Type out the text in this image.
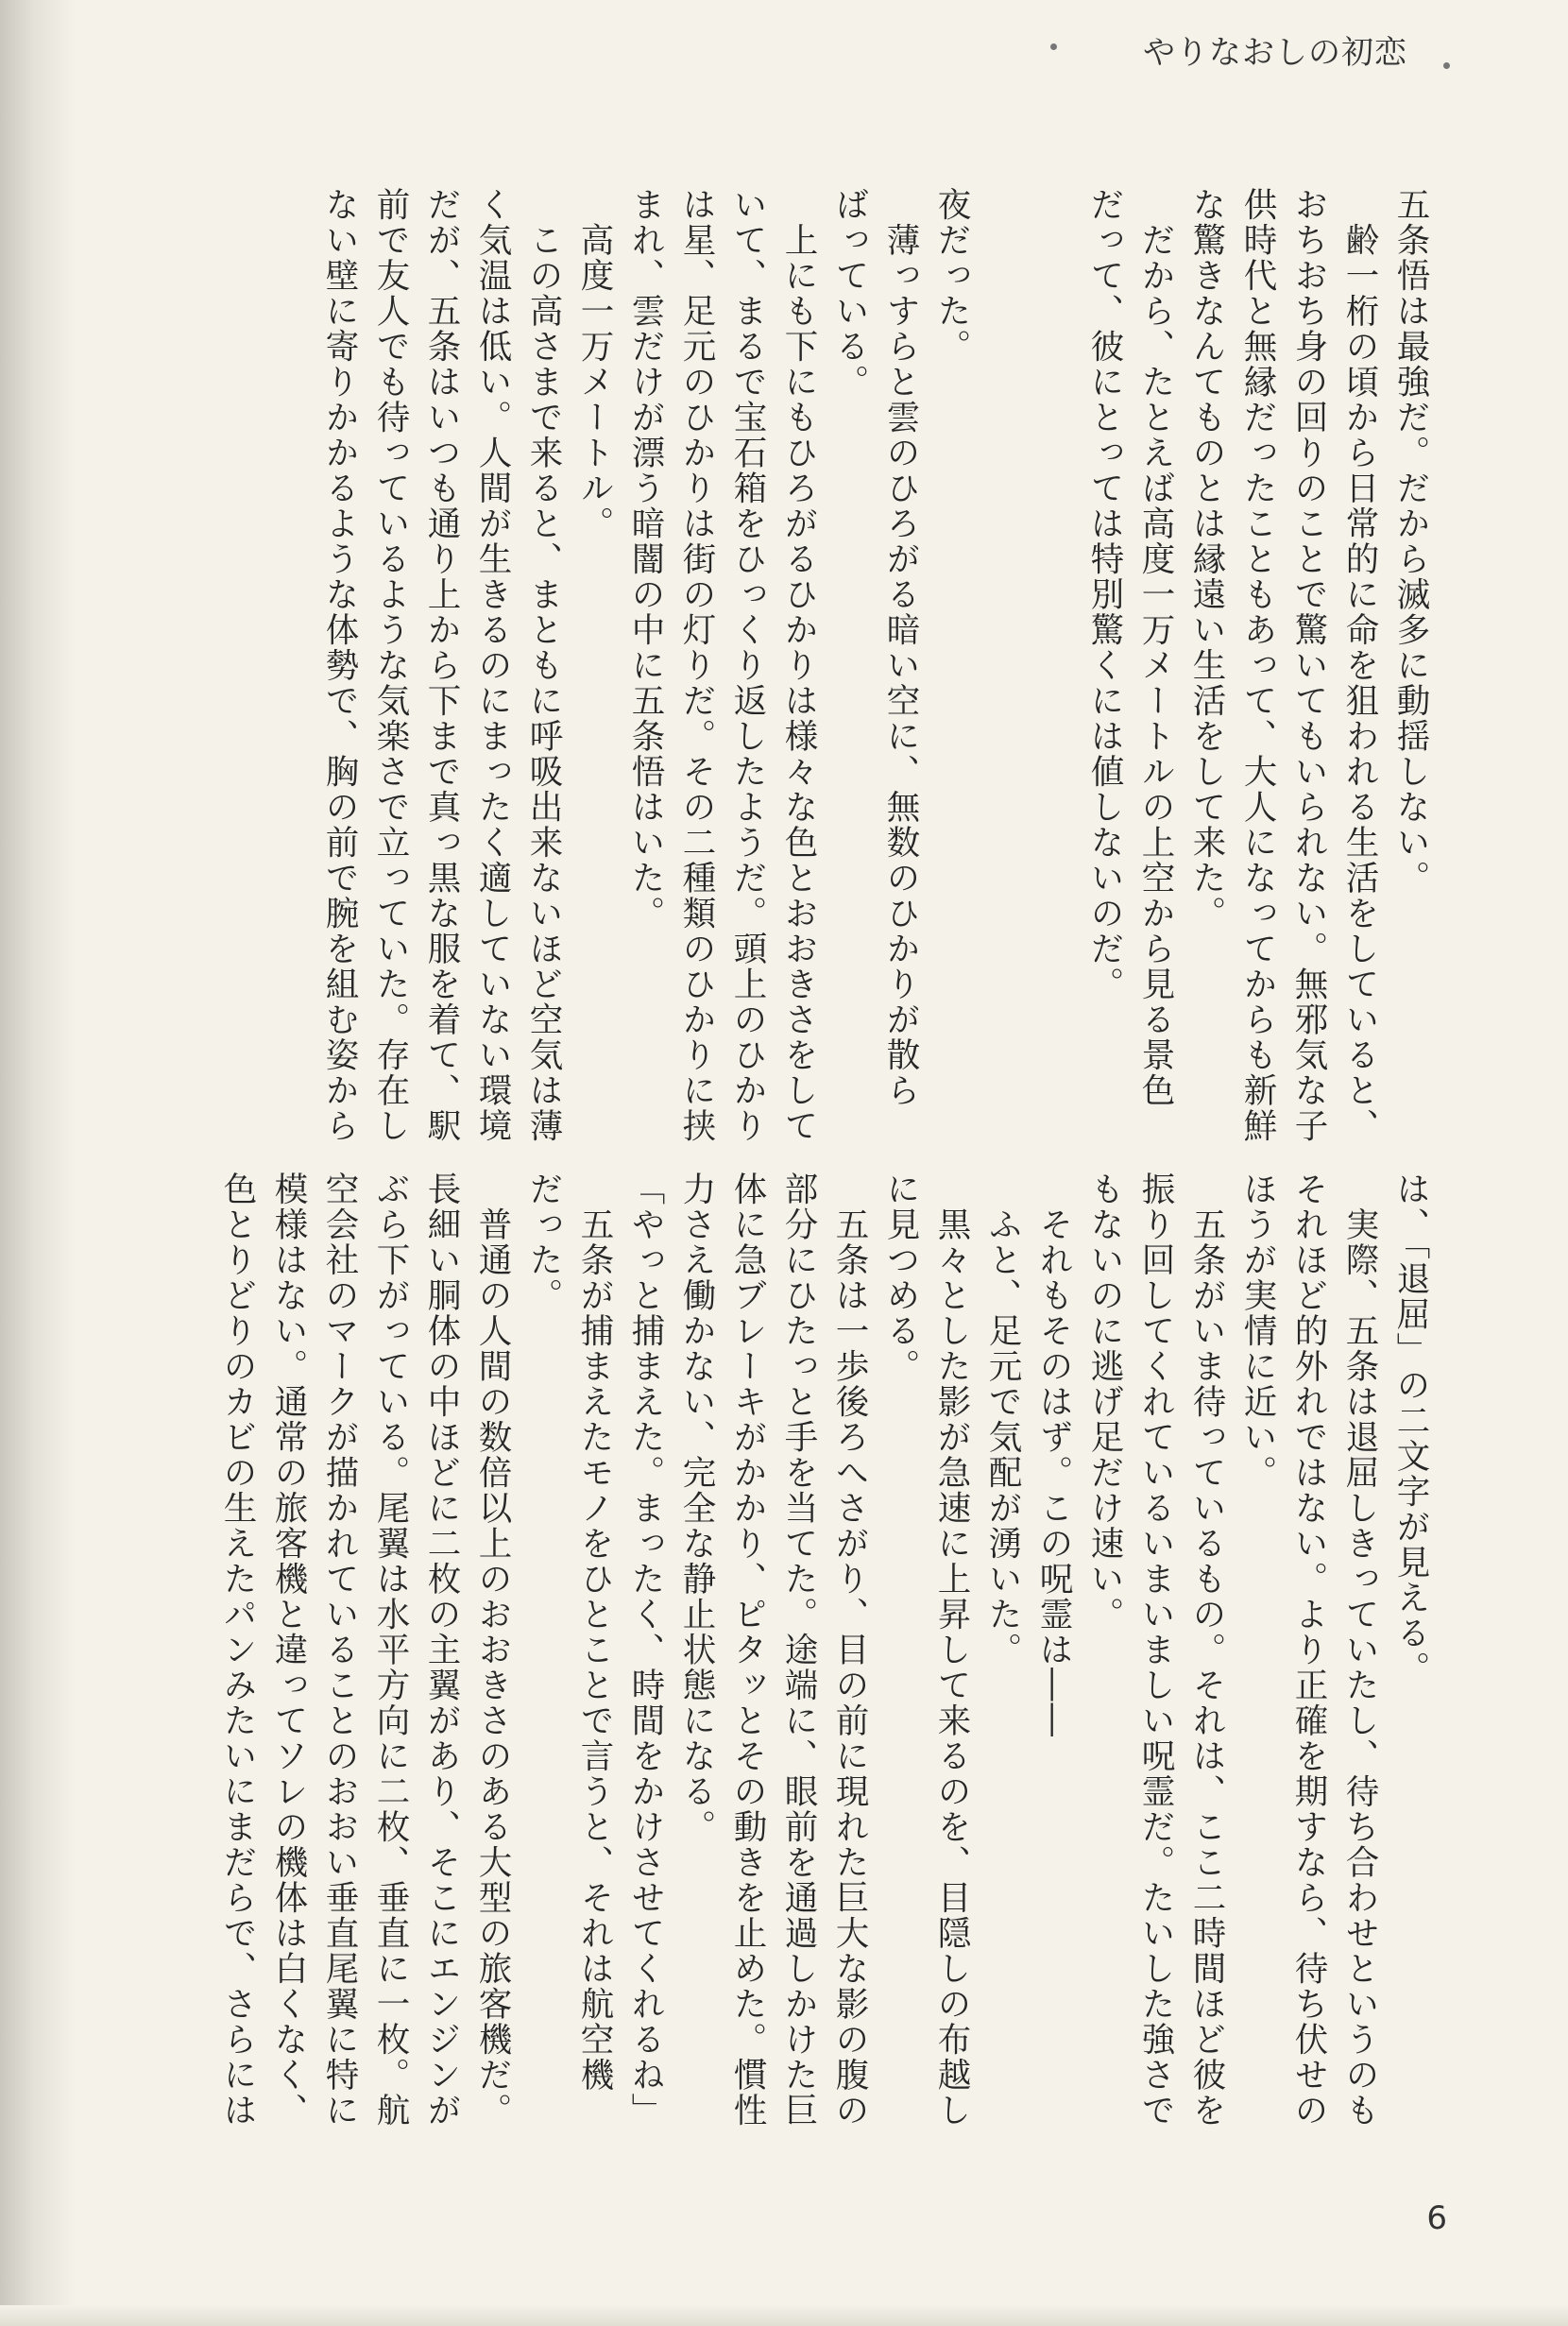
やりなおしの初恋
五条悟は最強だ。だから滅多に動揺しない。
　齢一桁の頃から日常的に命を狙われる生活をしていると、
おちおち身の回りのことで驚いてもいられない。無邪気な子
供時代と無縁だったこともあって、大人になってからも新鮮
な驚きなんてものとは縁遠い生活をして来た。
　だから、たとえば高度一万メートルの上空から見る景色
だって、彼にとっては特別驚くには値しないのだ。

夜だった。
　薄っすらと雲のひろがる暗い空に、無数のひかりが散ら
ばっている。
　上にも下にもひろがるひかりは様々な色とおおきさをして
いて、まるで宝石箱をひっくり返したようだ。頭上のひかり
は星、足元のひかりは街の灯りだ。その二種類のひかりに挟
まれ、雲だけが漂う暗闇の中に五条悟はいた。
　高度一万メートル。
　この高さまで来ると、まともに呼吸出来ないほど空気は薄
く気温は低い。人間が生きるのにまったく適していない環境
だが、五条はいつも通り上から下まで真っ黒な服を着て、駅
前で友人でも待っているような気楽さで立っていた。存在し
ない壁に寄りかかるような体勢で、胸の前で腕を組む姿から
は、「退屈」の二文字が見える。
　実際、五条は退屈しきっていたし、待ち合わせというのも
それほど的外れではない。より正確を期すなら、待ち伏せの
ほうが実情に近い。
　五条がいま待っているもの。それは、ここ二時間ほど彼を
振り回してくれているいまいましい呪霊だ。たいした強さで
もないのに逃げ足だけ速い。
　それもそのはず。この呪霊は――
　ふと、足元で気配が湧いた。
　黒々とした影が急速に上昇して来るのを、目隠しの布越し
に見つめる。
　五条は一歩後ろへさがり、目の前に現れた巨大な影の腹の
部分にひたっと手を当てた。途端に、眼前を通過しかけた巨
体に急ブレーキがかかり、ピタッとその動きを止めた。慣性
力さえ働かない、完全な静止状態になる。
「やっと捕まえた。まったく、時間をかけさせてくれるね」
　五条が捕まえたモノをひとことで言うと、それは航空機
だった。
　普通の人間の数倍以上のおおきさのある大型の旅客機だ。
長細い胴体の中ほどに二枚の主翼があり、そこにエンジンが
ぶら下がっている。尾翼は水平方向に二枚、垂直に一枚。航
空会社のマークが描かれていることのおおい垂直尾翼に特に
模様はない。通常の旅客機と違ってソレの機体は白くなく、
色とりどりのカビの生えたパンみたいにまだらで、さらには
6
